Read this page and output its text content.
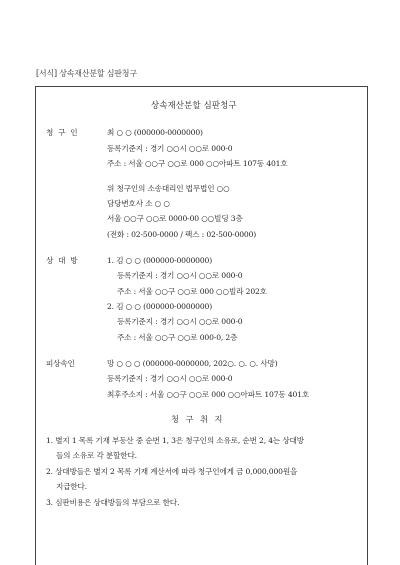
[서식] 상속재산분할 심판청구
상속재산분할 심판청구
청 구 인	최 ○ ○ (000000-0000000)
등록기준지 : 경기 ○○시 ○○로 000-0
주소 : 서울 ○○구 ○○로 000 ○○아파트 107동 401호
위 청구인의 소송대리인 법무법인 ○○
담당변호사 소 ○ ○
서울 ○○구 ○○로 0000-00 ○○빌딩 3층
(전화 : 02-500-0000 / 팩스 : 02-500-0000)
상 대 방	1. 김 ○ ○ (000000-0000000)
등록기준지 : 경기 ○○시 ○○로 000-0
주소 : 서울 ○○구 ○○로 000 ○○빌라 202호
2. 김 ○ ○ (000000-0000000)
등록기준지 : 경기 ○○시 ○○로 000-0
주소 : 서울 ○○구 ○○로 000-0, 2층
피상속인	망 ○ ○ ○ (000000-0000000, 202○. ○. ○. 사망)
등록기준지 : 경기 ○○시 ○○로 000-0
최후주소지 : 서울 ○○구 ○○로 000 ○○아파트 107동 401호
청 구 취 지
1. 별지 1 목록 기재 부동산 중 순번 1, 3은 청구인의 소유로, 순번 2, 4는 상대방
들의 소유로 각 분할한다.
2. 상대방들은 별지 2 목록 기재 계산서에 따라 청구인에게 금 0,000,000원을
지급한다.
3. 심판비용은 상대방들의 부담으로 한다.
